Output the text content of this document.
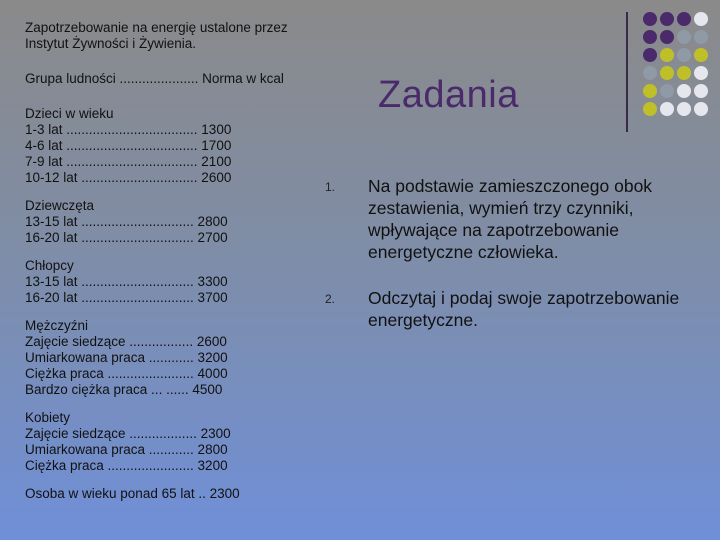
Zapotrzebowanie na energię ustalone przez

Instytut Żywności i Żywienia.

Grupa ludności ..................... Norma w kcal

Dzieci w wieku

1-3 lat ................................... 1300

4-6 lat ................................... 1700

7-9 lat ................................... 2100

10-12 lat ............................... 2600

Dziewczęta

13-15 lat .............................. 2800

16-20 lat .............................. 2700

Chłopcy

13-15 lat .............................. 3300

16-20 lat .............................. 3700

Mężczyźni

Zajęcie siedzące ................. 2600

Umiarkowana praca ............ 3200

Ciężka praca ....................... 4000

Bardzo ciężka praca ... ...... 4500

Kobiety

Zajęcie siedzące .................. 2300

Umiarkowana praca ............ 2800

Ciężka praca ....................... 3200

Osoba w wieku ponad 65 lat .. 2300

Zadania
1. Na podstawie zamieszczonego obok zestawienia, wymień trzy czynniki, wpływające na zapotrzebowanie energetyczne człowieka.
2. Odczytaj i podaj swoje zapotrzebowanie energetyczne.
